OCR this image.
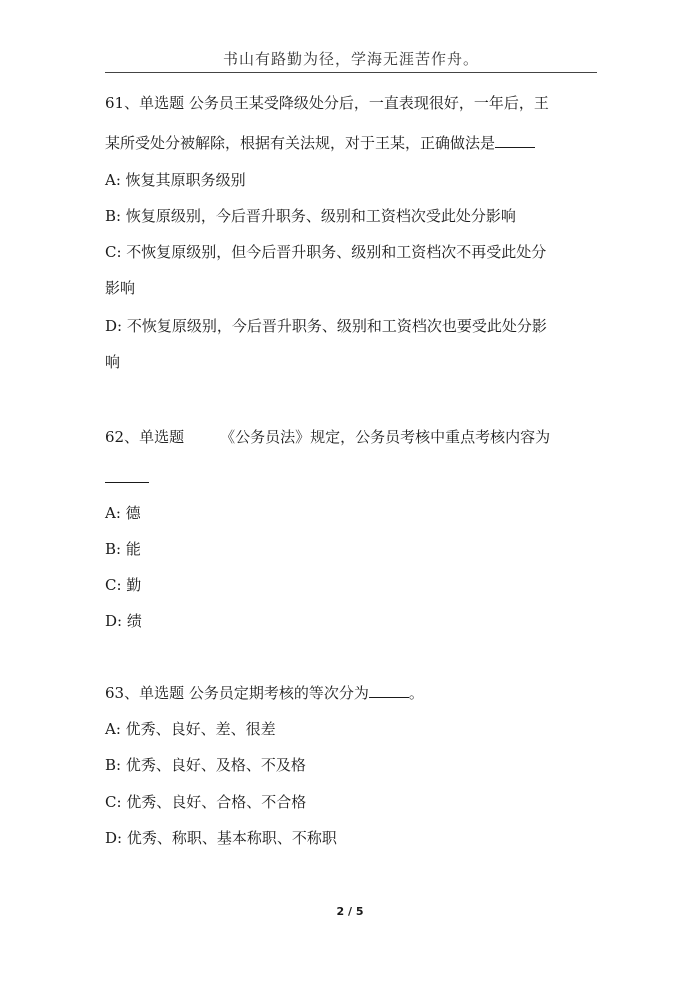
书山有路勤为径，学海无涯苦作舟。
61、单选题 公务员王某受降级处分后，一直表现很好，一年后，王
某所受处分被解除，根据有关法规，对于王某，正确做法是
A: 恢复其原职务级别
B: 恢复原级别，今后晋升职务、级别和工资档次受此处分影响
C: 不恢复原级别，但今后晋升职务、级别和工资档次不再受此处分
影响
D: 不恢复原级别，今后晋升职务、级别和工资档次也要受此处分影
响
62、单选题 《公务员法》规定，公务员考核中重点考核内容为
A: 德
B: 能
C: 勤
D: 绩
63、单选题 公务员定期考核的等次分为	。
A: 优秀、良好、差、很差
B: 优秀、良好、及格、不及格
C: 优秀、良好、合格、不合格
D: 优秀、称职、基本称职、不称职
2 / 5
